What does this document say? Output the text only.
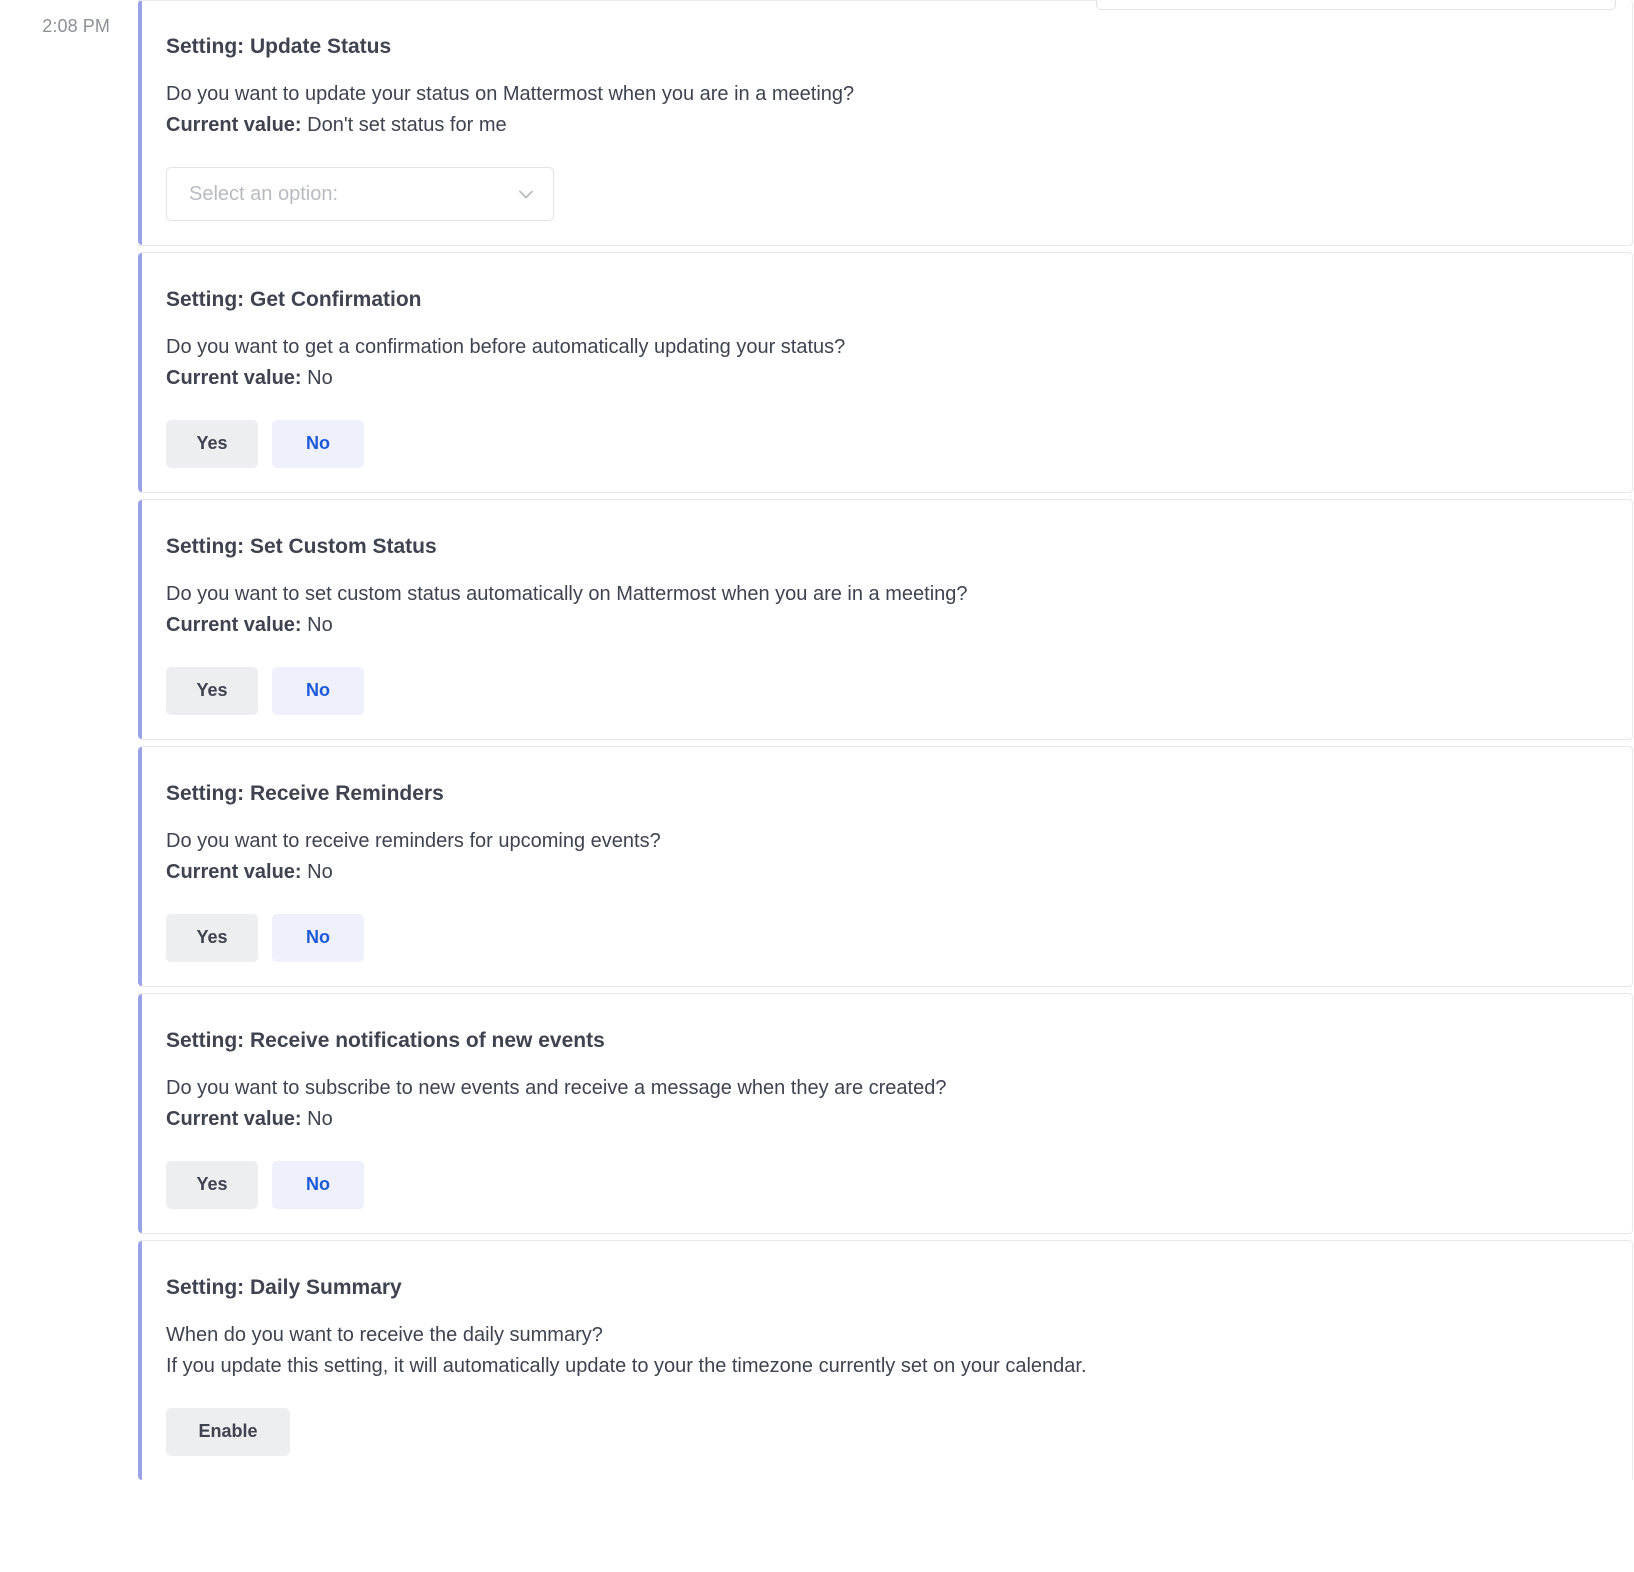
2:08 PM
Setting: Update Status

Do you want to update your status on Mattermost when you are in a meeting?

Current value: Don't set status for me

Select an option:
Setting: Get Confirmation

Do you want to get a confirmation before automatically updating your status?

Current value: No

Yes	No
Setting: Set Custom Status

Do you want to set custom status automatically on Mattermost when you are in a meeting?

Current value: No

Yes	No
Setting: Receive Reminders

Do you want to receive reminders for upcoming events?

Current value: No

Yes	No
Setting: Receive notifications of new events

Do you want to subscribe to new events and receive a message when they are created?

Current value: No

Yes	No
Setting: Daily Summary

When do you want to receive the daily summary?

If you update this setting, it will automatically update to your the timezone currently set on your calendar.

Enable
